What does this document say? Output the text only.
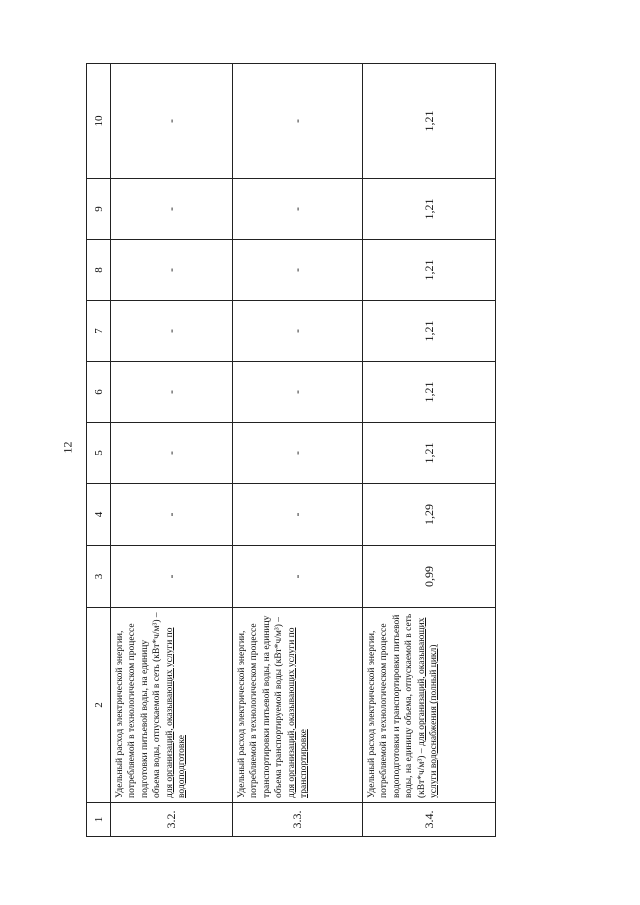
12
1	2	3	4	5	6	7	8	9	10
3.2.	Удельный расход электрической энергии, потребляемой в технологическом процессе подготовки питьевой воды, на единицу объема воды, отпускаемой в сеть (кВт*ч/м³) – для организаций, оказывающих услуги по водоподготовке	-	-	-	-	-	-	-	-
3.3.	Удельный расход электрической энергии, потребляемой в технологическом процессе транспортировки питьевой воды, на единицу объема транспортируемой воды (кВт*ч/м³) – для организаций, оказывающих услуги по транспортировке	-	-	-	-	-	-	-	-
3.4.	Удельный расход электрической энергии, потребляемой в технологическом процессе водоподготовки и транспортировки питьевой воды, на единицу объема, отпускаемой в сеть (кВт*ч/м³) – для организаций, оказывающих услуги водоснабжения (полный цикл)	0,99	1,29	1,21	1,21	1,21	1,21	1,21	1,21
